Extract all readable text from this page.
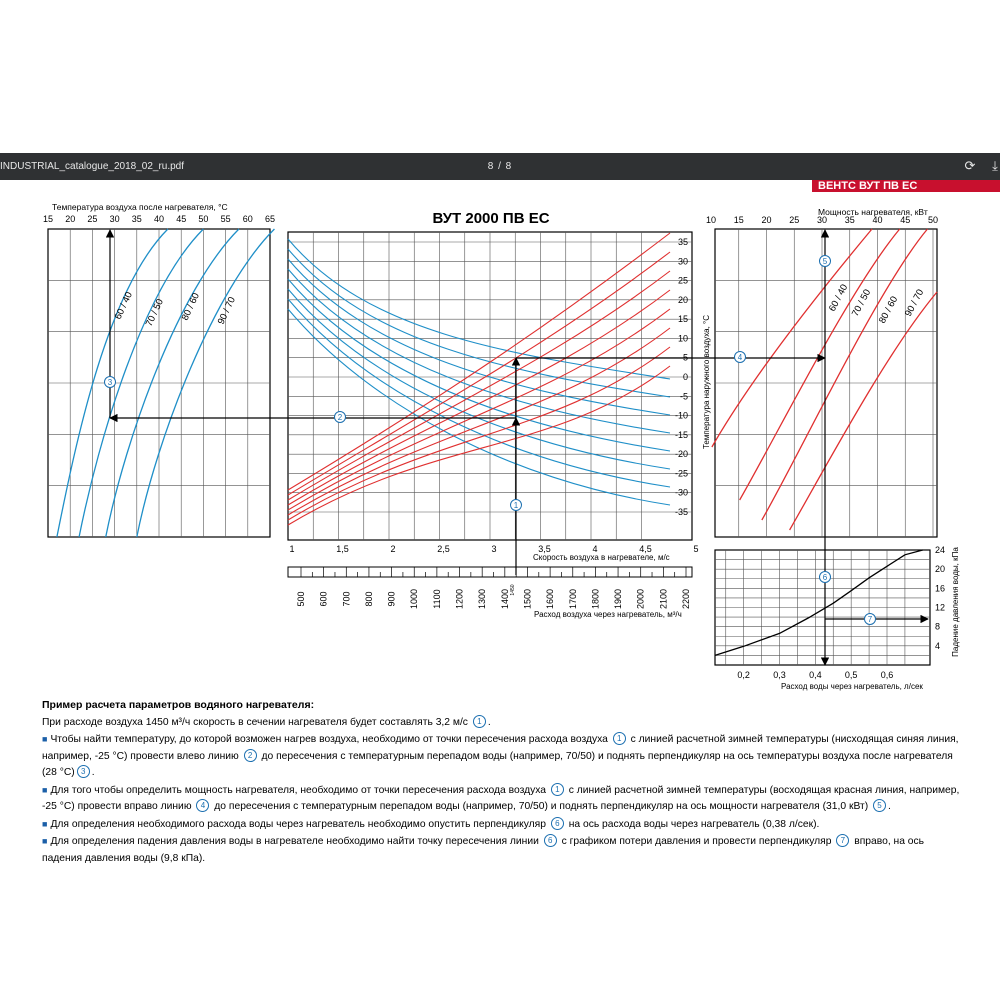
INDUSTRIAL_catalogue_2018_02_ru.pdf	8 / 8	⟳	⤓
ВЕНТС ВУТ ПВ ЕС
15 20 25 30 35 40 45 50 55 60 65
Температура воздуха после нагревателя, °C
60 / 40 70 / 50 80 / 60 90 / 70
ВУТ 2000 ПВ ЕС
35
30
25
20
15
10
5
0
-5
-10
-15
-20
-25
-30
-35
Температура наружного воздуха, °C
1	1,5	2	2,5	3	3,5	4	4,5	5
Скорость воздуха в нагревателе, м/с
500 600 700 800 900 1000 1100 1200 1300 1400 1500 1600 1700 1800 1900 2000 2100 2200
1450
Расход воздуха через нагреватель, м³/ч
10 15 20 25 30 35 40 45 50
Мощность нагревателя, кВт
60 / 40 70 / 50 80 / 60 90 / 70
0,2	0,3	0,4	0,5	0,6
4
8
12
16
20
24
Расход воды через нагреватель, л/сек
Падение давления воды, кПа
3
1
2
4
5
6
7
Пример расчета параметров водяного нагревателя:

При расходе воздуха 1450 м³/ч скорость в сечении нагревателя будет составлять 3,2 м/с 1 .

■ Чтобы найти температуру, до которой возможен нагрев воздуха, необходимо от точки пересечения расхода воздуха 1 с линией расчетной зимней температуры (нисходящая синяя линия, например, -25 °С) провести влево линию 2 до пересечения с температурным перепадом воды (например, 70/50) и поднять перпендикуляр на ось температуры воздуха после нагревателя (28 °С) 3 .

■ Для того чтобы определить мощность нагревателя, необходимо от точки пересечения расхода воздуха 1 с линией расчетной зимней температуры (восходящая красная линия, например, -25 °С) провести вправо линию 4 до пересечения с температурным перепадом воды (например, 70/50) и поднять перпендикуляр на ось мощности нагревателя (31,0 кВт) 5 .

■ Для определения необходимого расхода воды через нагреватель необходимо опустить перпендикуляр 6 на ось расхода воды через нагреватель (0,38 л/сек).

■ Для определения падения давления воды в нагревателе необходимо найти точку пересечения линии 6 с графиком потери давления и провести перпендикуляр 7 вправо, на ось падения давления воды (9,8 кПа).
